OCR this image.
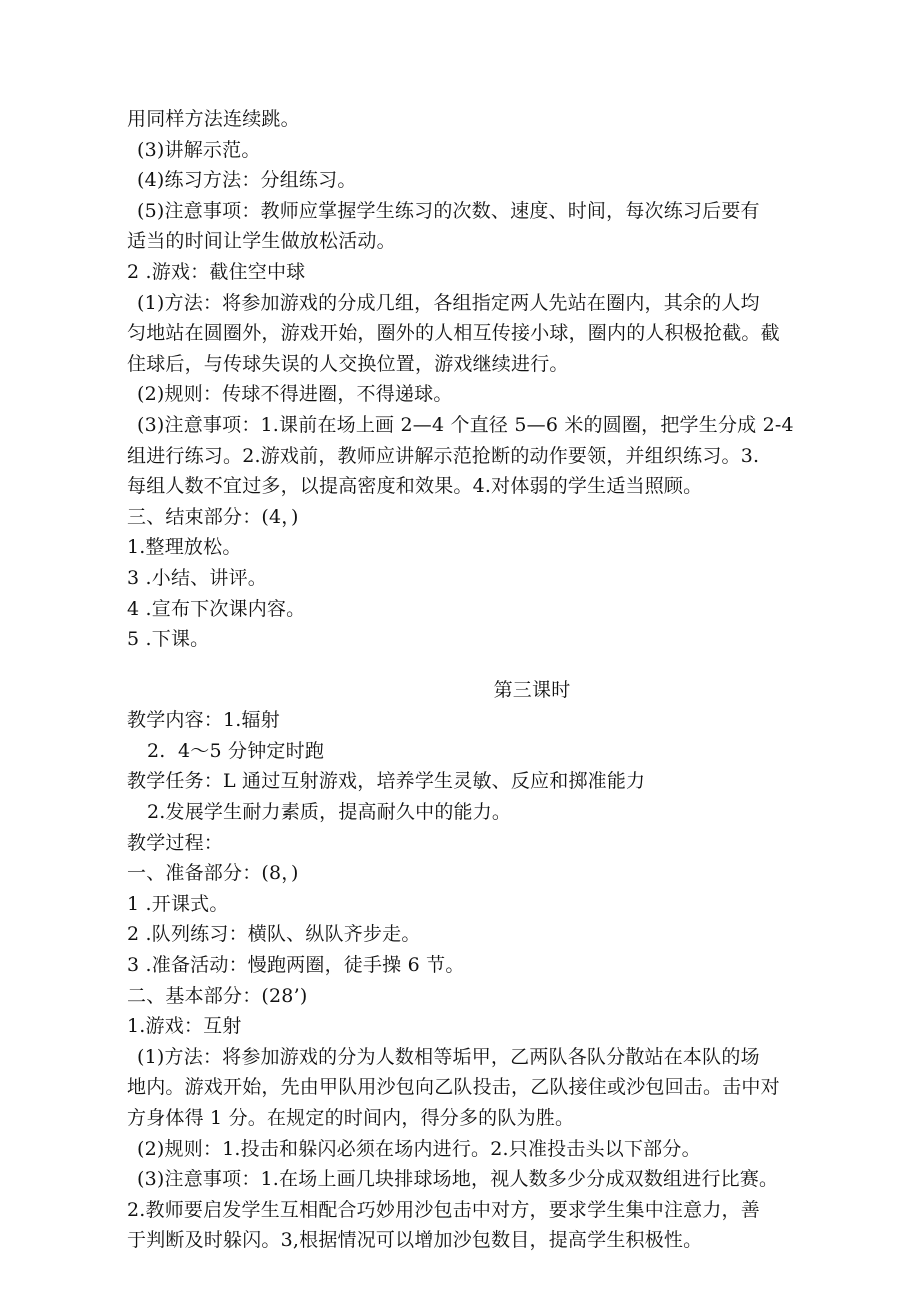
用同样方法连续跳。
(3)讲解示范。
(4)练习方法：分组练习。
(5)注意事项：教师应掌握学生练习的次数、速度、时间，每次练习后要有
适当的时间让学生做放松活动。
2 .游戏：截住空中球
(1)方法：将参加游戏的分成几组，各组指定两人先站在圈内，其余的人均
匀地站在圆圈外，游戏开始，圈外的人相互传接小球，圈内的人积极抢截。截
住球后，与传球失误的人交换位置，游戏继续进行。
(2)规则：传球不得进圈，不得递球。
(3)注意事项：1.课前在场上画 2—4 个直径 5—6 米的圆圈，把学生分成 2-4
组进行练习。2.游戏前，教师应讲解示范抢断的动作要领，并组织练习。3.
每组人数不宜过多，以提高密度和效果。4.对体弱的学生适当照顾。
三、结束部分：(4，)
1.整理放松。
3 .小结、讲评。
4 .宣布下次课内容。
5 .下课。
第三课时
教学内容：1.辐射
2.  4〜5 分钟定时跑
教学任务：L 通过互射游戏，培养学生灵敏、反应和掷准能力
2.发展学生耐力素质，提高耐久中的能力。
教学过程：
一、准备部分：(8，)
1 .开课式。
2 .队列练习：横队、纵队齐步走。
3 .准备活动：慢跑两圈，徒手操 6 节。
二、基本部分：(28’)
1.游戏：互射
(1)方法：将参加游戏的分为人数相等垢甲，乙两队各队分散站在本队的场
地内。游戏开始，先由甲队用沙包向乙队投击，乙队接住或沙包回击。击中对
方身体得 1 分。在规定的时间内，得分多的队为胜。
(2)规则：1.投击和躲闪必须在场内进行。2.只准投击头以下部分。
(3)注意事项：1.在场上画几块排球场地，视人数多少分成双数组进行比赛。
2.教师要启发学生互相配合巧妙用沙包击中对方，要求学生集中注意力，善
于判断及时躲闪。3,根据情况可以增加沙包数目，提高学生积极性。
